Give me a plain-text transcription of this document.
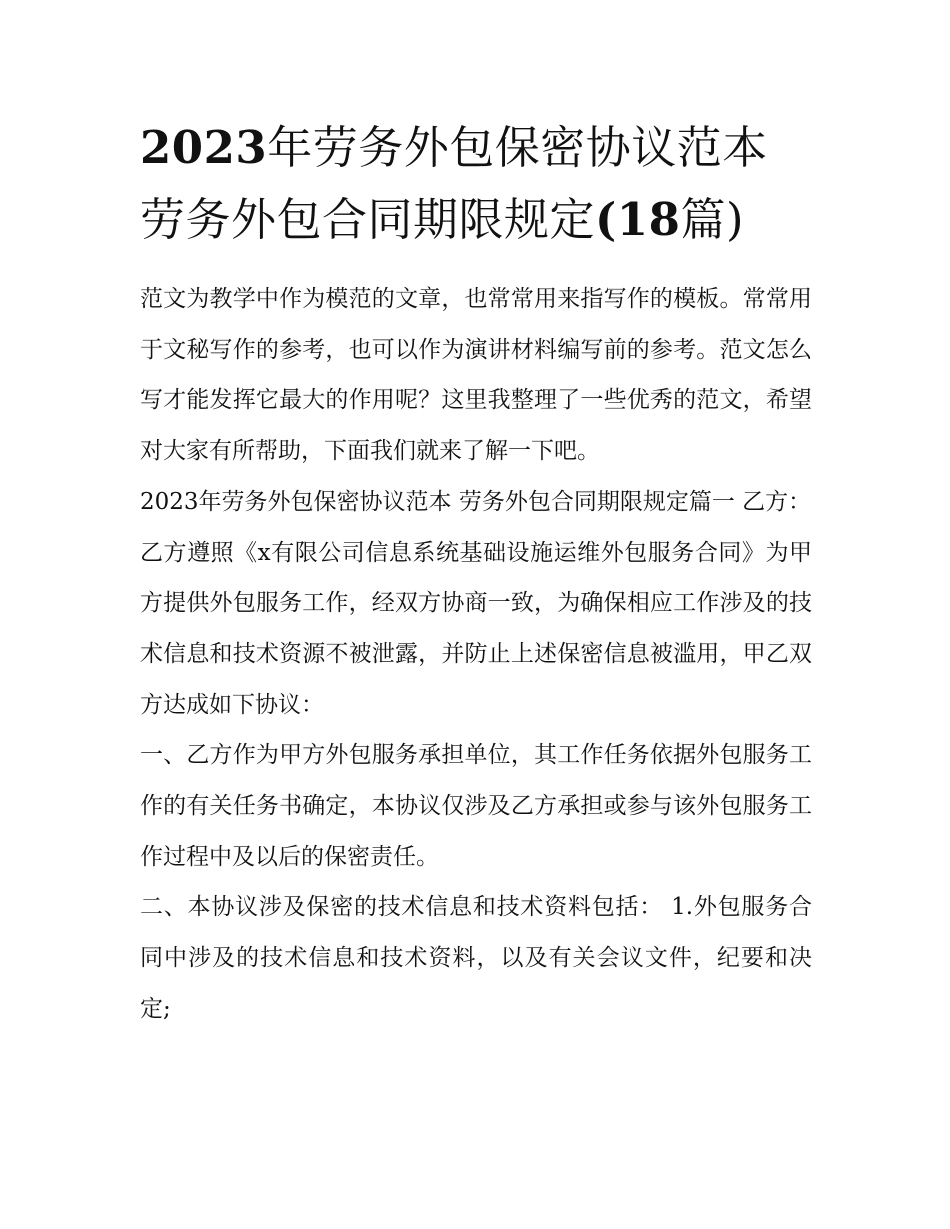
2023年劳务外包保密协议范本劳务外包合同期限规定(18篇)

范文为教学中作为模范的文章，也常常用来指写作的模板。常常用于文秘写作的参考，也可以作为演讲材料编写前的参考。范文怎么写才能发挥它最大的作用呢？这里我整理了一些优秀的范文，希望对大家有所帮助，下面我们就来了解一下吧。

2023年劳务外包保密协议范本 劳务外包合同期限规定篇一 乙方：

乙方遵照《x有限公司信息系统基础设施运维外包服务合同》为甲方提供外包服务工作，经双方协商一致，为确保相应工作涉及的技术信息和技术资源不被泄露，并防止上述保密信息被滥用，甲乙双方达成如下协议：

一、乙方作为甲方外包服务承担单位，其工作任务依据外包服务工作的有关任务书确定，本协议仅涉及乙方承担或参与该外包服务工作过程中及以后的保密责任。

二、本协议涉及保密的技术信息和技术资料包括： 1.外包服务合同中涉及的技术信息和技术资料，以及有关会议文件，纪要和决定;
